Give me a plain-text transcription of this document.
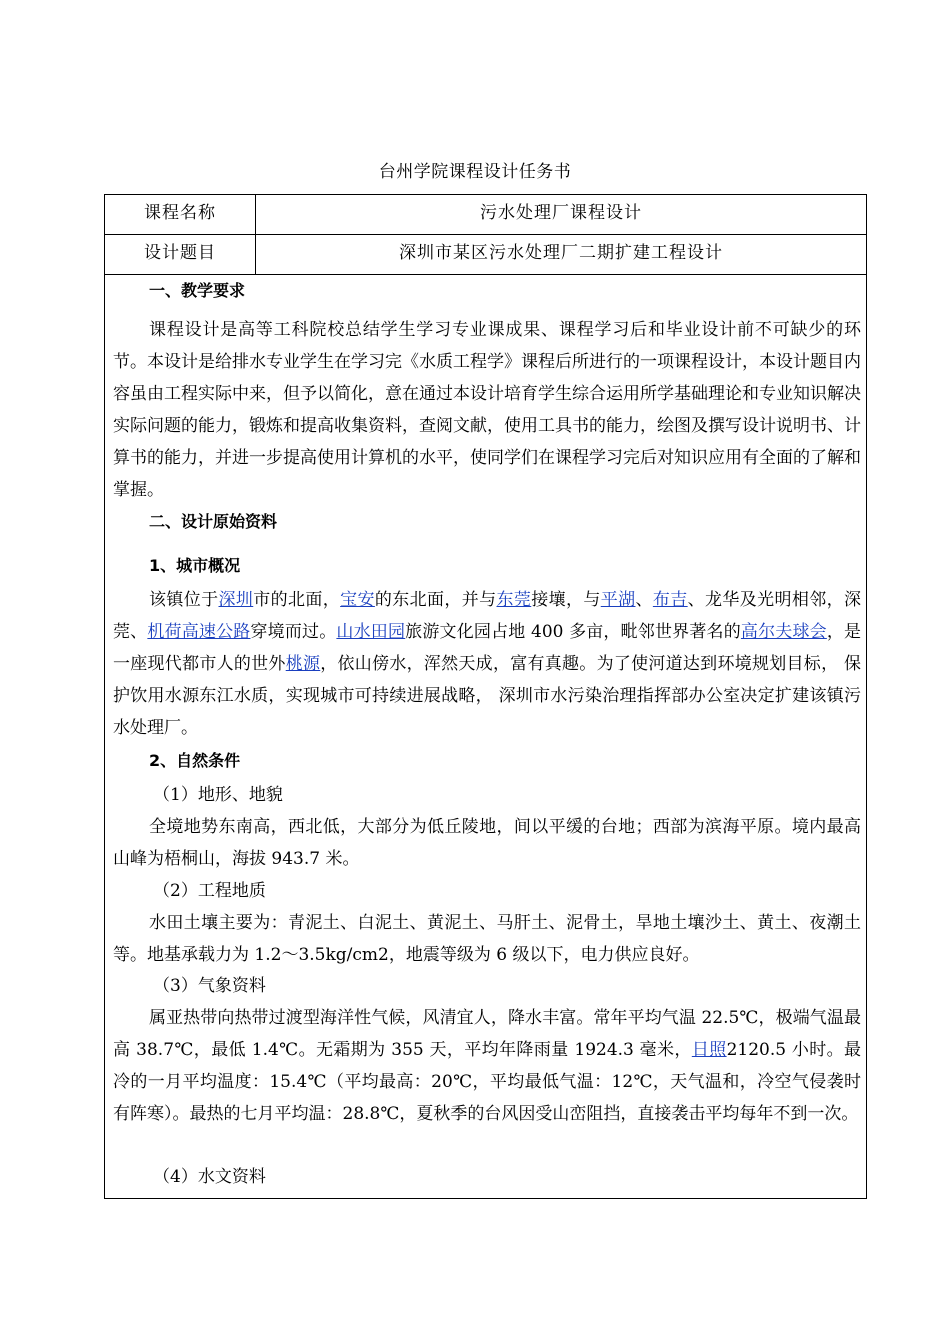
台州学院课程设计任务书
课程名称	污水处理厂课程设计
设计题目	深圳市某区污水处理厂二期扩建工程设计

一、教学要求

课程设计是高等工科院校总结学生学习专业课成果、课程学习后和毕业设计前不可缺少的环节。本设计是给排水专业学生在学习完《水质工程学》课程后所进行的一项课程设计，本设计题目内容虽由工程实际中来，但予以简化，意在通过本设计培育学生综合运用所学基础理论和专业知识解决实际问题的能力，锻炼和提高收集资料，查阅文献，使用工具书的能力，绘图及撰写设计说明书、计算书的能力，并进一步提高使用计算机的水平，使同学们在课程学习完后对知识应用有全面的了解和掌握。

二、设计原始资料

1、城市概况

该镇位于深圳市的北面，宝安的东北面，并与东莞接壤，与平湖、布吉、龙华及光明相邻，深莞、机荷高速公路穿境而过。山水田园旅游文化园占地 400 多亩，毗邻世界著名的高尔夫球会，是一座现代都市人的世外桃源，依山傍水，浑然天成，富有真趣。为了使河道达到环境规划目标， 保护饮用水源东江水质，实现城市可持续进展战略， 深圳市水污染治理指挥部办公室决定扩建该镇污水处理厂。

2、自然条件

（1）地形、地貌

全境地势东南高，西北低，大部分为低丘陵地，间以平缓的台地；西部为滨海平原。境内最高山峰为梧桐山，海拔 943.7 米。

（2）工程地质

水田土壤主要为：青泥土、白泥土、黄泥土、马肝土、泥骨土，旱地土壤沙土、黄土、夜潮土等。地基承载力为 1.2～3.5kg/cm2，地震等级为 6 级以下，电力供应良好。

（3）气象资料

属亚热带向热带过渡型海洋性气候，风清宜人，降水丰富。常年平均气温 22.5℃，极端气温最高 38.7℃，最低 1.4℃。无霜期为 355 天，平均年降雨量 1924.3 毫米，日照2120.5 小时。最冷的一月平均温度：15.4℃（平均最高：20℃，平均最低气温：12℃，天气温和，冷空气侵袭时有阵寒）。最热的七月平均温：28.8℃，夏秋季的台风因受山峦阻挡，直接袭击平均每年不到一次。

（4）水文资料
